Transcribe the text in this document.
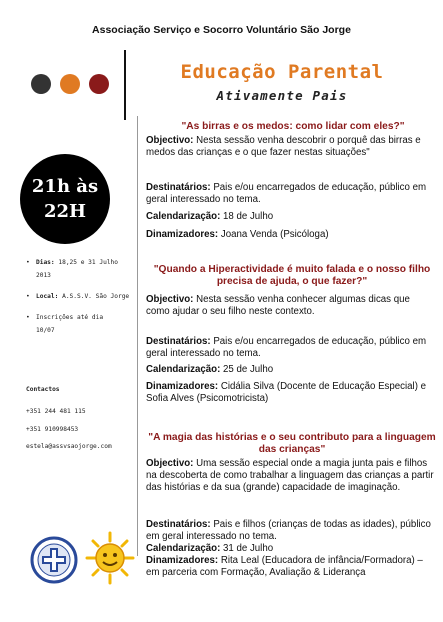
Associação Serviço e Socorro Voluntário São Jorge
Educação Parental
Ativamente Pais
21h às
22H
• Dias: 18,25 e 31 Julho 2013
• Local: A.S.S.V. São Jorge
• Inscrições até dia 10/07
Contactos
+351 244 481 115
+351 910998453
estela@assvsaojorge.com
"As birras e os medos: como lidar com eles?"
Objectivo: Nesta sessão venha descobrir o porquê das birras e medos das crianças e o que fazer nestas situações"
Destinatários: Pais e/ou encarregados de educação, público em geral interessado no tema.
Calendarização: 18 de Julho
Dinamizadores: Joana Venda (Psicóloga)
"Quando a Hiperactividade é muito falada e o nosso filho precisa de ajuda, o que fazer?"
Objectivo: Nesta sessão venha conhecer algumas dicas que como ajudar o seu filho neste contexto.
Destinatários: Pais e/ou encarregados de educação, público em geral interessado no tema.
Calendarização: 25 de Julho
Dinamizadores: Cidália Silva (Docente de Educação Especial) e Sofia Alves (Psicomotricista)
"A magia das histórias e o seu contributo para a linguagem das crianças"
Objectivo: Uma sessão especial onde a magia junta pais e filhos na descoberta de como trabalhar a linguagem das crianças a partir das histórias e da sua (grande) capacidade de imaginação.
Destinatários: Pais e filhos (crianças de todas as idades), público em geral interessado no tema.
Calendarização: 31 de Julho
Dinamizadores: Rita Leal (Educadora de infância/Formadora) – em parceria com Formação, Avaliação & Liderança
